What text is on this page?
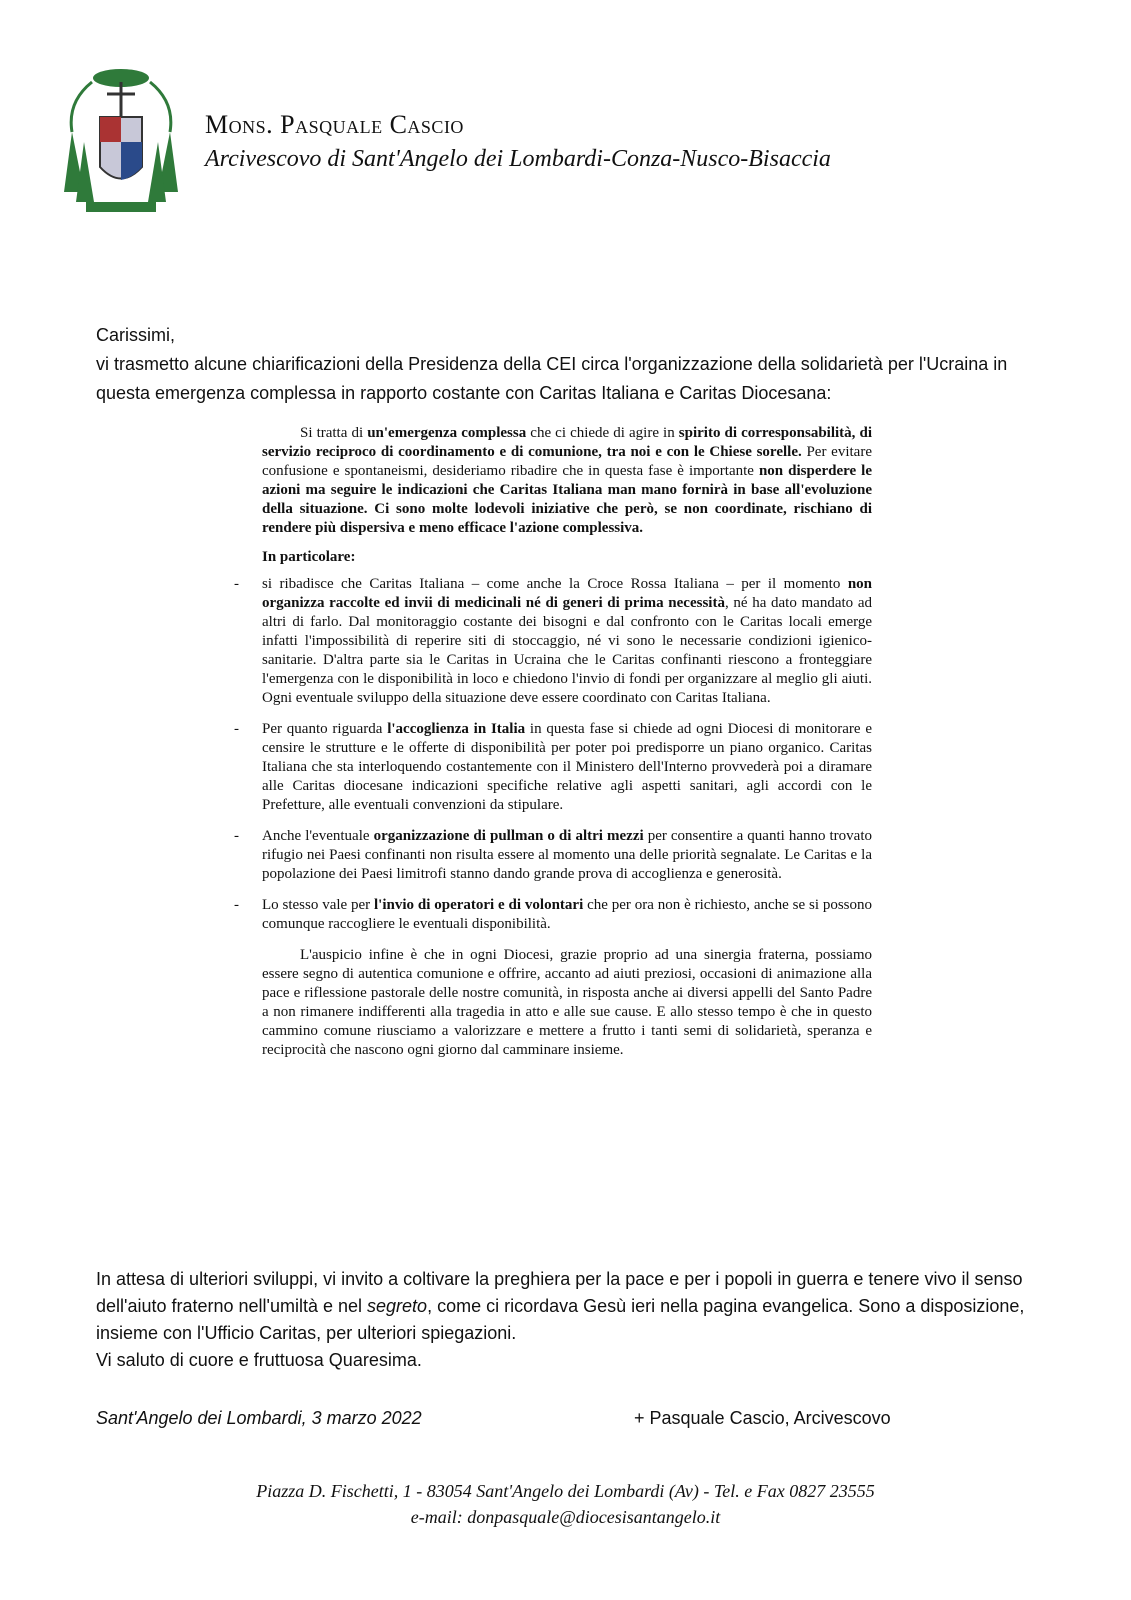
Mons. Pasquale Cascio
Arcivescovo di Sant'Angelo dei Lombardi-Conza-Nusco-Bisaccia
Carissimi,
vi trasmetto alcune chiarificazioni della Presidenza della CEI circa l'organizzazione della solidarietà per l'Ucraina in questa emergenza complessa in rapporto costante con Caritas Italiana e Caritas Diocesana:

Si tratta di un'emergenza complessa che ci chiede di agire in spirito di corresponsabilità, di servizio reciproco di coordinamento e di comunione, tra noi e con le Chiese sorelle. Per evitare confusione e spontaneismi, desideriamo ribadire che in questa fase è importante non disperdere le azioni ma seguire le indicazioni che Caritas Italiana man mano fornirà in base all'evoluzione della situazione. Ci sono molte lodevoli iniziative che però, se non coordinate, rischiano di rendere più dispersiva e meno efficace l'azione complessiva.

In particolare:
- si ribadisce che Caritas Italiana – come anche la Croce Rossa Italiana – per il momento non organizza raccolte ed invii di medicinali né di generi di prima necessità, né ha dato mandato ad altri di farlo. Dal monitoraggio costante dei bisogni e dal confronto con le Caritas locali emerge infatti l'impossibilità di reperire siti di stoccaggio, né vi sono le necessarie condizioni igienico-sanitarie. D'altra parte sia le Caritas in Ucraina che le Caritas confinanti riescono a fronteggiare l'emergenza con le disponibilità in loco e chiedono l'invio di fondi per organizzare al meglio gli aiuti. Ogni eventuale sviluppo della situazione deve essere coordinato con Caritas Italiana.
- Per quanto riguarda l'accoglienza in Italia in questa fase si chiede ad ogni Diocesi di monitorare e censire le strutture e le offerte di disponibilità per poter poi predisporre un piano organico. Caritas Italiana che sta interloquendo costantemente con il Ministero dell'Interno provvederà poi a diramare alle Caritas diocesane indicazioni specifiche relative agli aspetti sanitari, agli accordi con le Prefetture, alle eventuali convenzioni da stipulare.
- Anche l'eventuale organizzazione di pullman o di altri mezzi per consentire a quanti hanno trovato rifugio nei Paesi confinanti non risulta essere al momento una delle priorità segnalate. Le Caritas e la popolazione dei Paesi limitrofi stanno dando grande prova di accoglienza e generosità.
- Lo stesso vale per l'invio di operatori e di volontari che per ora non è richiesto, anche se si possono comunque raccogliere le eventuali disponibilità.

L'auspicio infine è che in ogni Diocesi, grazie proprio ad una sinergia fraterna, possiamo essere segno di autentica comunione e offrire, accanto ad aiuti preziosi, occasioni di animazione alla pace e riflessione pastorale delle nostre comunità, in risposta anche ai diversi appelli del Santo Padre a non rimanere indifferenti alla tragedia in atto e alle sue cause. E allo stesso tempo è che in questo cammino comune riusciamo a valorizzare e mettere a frutto i tanti semi di solidarietà, speranza e reciprocità che nascono ogni giorno dal camminare insieme.

In attesa di ulteriori sviluppi, vi invito a coltivare la preghiera per la pace e per i popoli in guerra e tenere vivo il senso dell'aiuto fraterno nell'umiltà e nel segreto, come ci ricordava Gesù ieri nella pagina evangelica. Sono a disposizione, insieme con l'Ufficio Caritas, per ulteriori spiegazioni.
Vi saluto di cuore e fruttuosa Quaresima.
Sant'Angelo dei Lombardi, 3 marzo 2022	+ Pasquale Cascio, Arcivescovo
Piazza D. Fischetti, 1 - 83054 Sant'Angelo dei Lombardi (Av) - Tel. e Fax 0827 23555
e-mail: donpasquale@diocesisantangelo.it
